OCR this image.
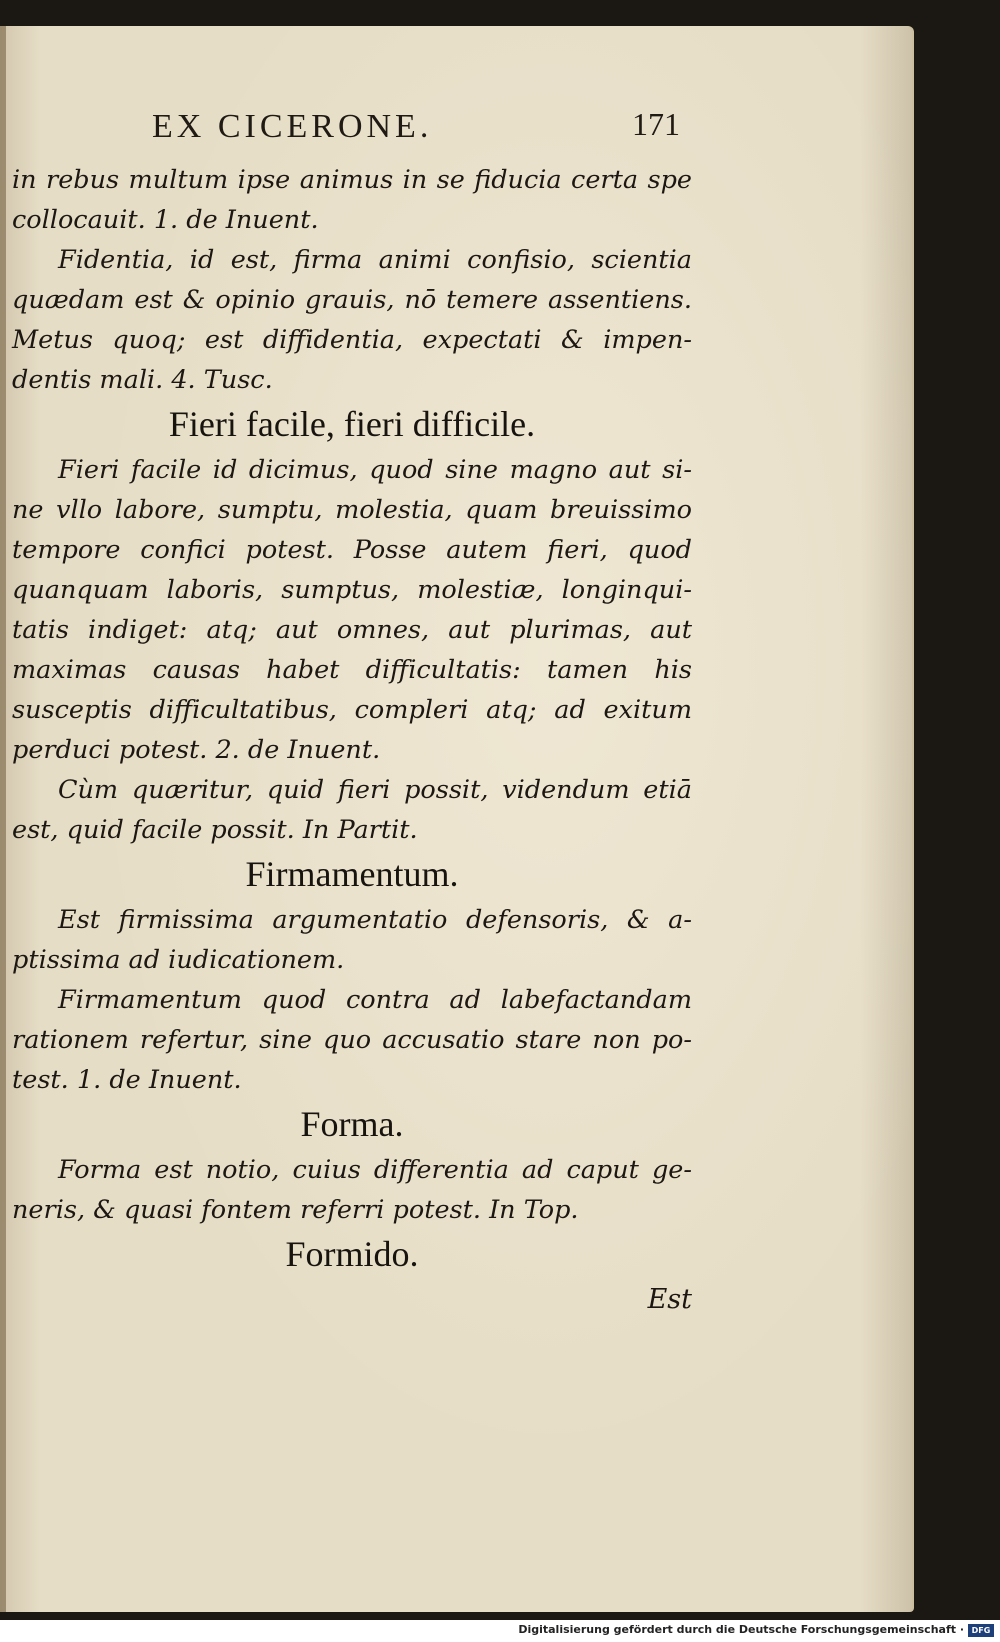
EX CICERONE.	171
in rebus multum ipse animus in se fiducia certa spe
collocauit. 1. de Inuent.
Fidentia, id est, firma animi confisio, scientia
quædam est & opinio grauis, nō temere assentiens.
Metus quoq; est diffidentia, expectati & impen-
dentis mali. 4. Tusc.
Fieri facile, fieri difficile.
Fieri facile id dicimus, quod sine magno aut si-
ne vllo labore, sumptu, molestia, quam breuissimo
tempore confici potest. Posse autem fieri, quod
quanquam laboris, sumptus, molestiæ, longinqui-
tatis indiget: atq; aut omnes, aut plurimas, aut
maximas causas habet difficultatis: tamen his
susceptis difficultatibus, compleri atq; ad exitum
perduci potest. 2. de Inuent.
Cùm quæritur, quid fieri possit, videndum etiā
est, quid facile possit. In Partit.
Firmamentum.
Est firmissima argumentatio defensoris, & a-
ptissima ad iudicationem.
Firmamentum quod contra ad labefactandam
rationem refertur, sine quo accusatio stare non po-
test. 1. de Inuent.
Forma.
Forma est notio, cuius differentia ad caput ge-
neris, & quasi fontem referri potest. In Top.
Formido.
Est
Digitalisierung gefördert durch die Deutsche Forschungsgemeinschaft · DFG
